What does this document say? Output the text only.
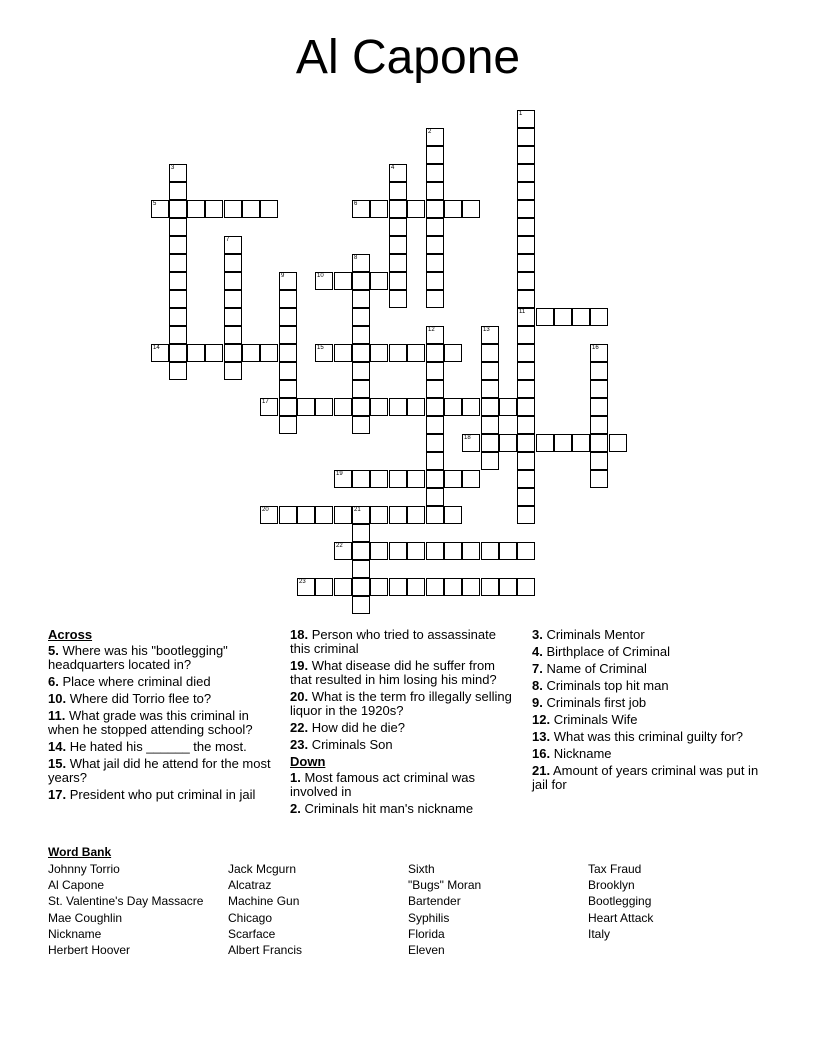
Al Capone
1
11
2
3	4
5	6
7
8
9	10
12	13
14	15	16
17
18
19
20	21
22
23
Across
5. Where was his "bootlegging" headquarters located in?
6. Place where criminal died
10. Where did Torrio flee to?
11. What grade was this criminal in when he stopped attending school?
14. He hated his ______ the most.
15. What jail did he attend for the most years?
17. President who put criminal in jail
18. Person who tried to assassinate this criminal
19. What disease did he suffer from that resulted in him losing his mind?
20. What is the term fro illegally selling liquor in the 1920s?
22. How did he die?
23. Criminals Son
Down
1. Most famous act criminal was involved in
2. Criminals hit man's nickname
3. Criminals Mentor
4. Birthplace of Criminal
7. Name of Criminal
8. Criminals top hit man
9. Criminals first job
12. Criminals Wife
13. What was this criminal guilty for?
16. Nickname
21. Amount of years criminal was put in jail for
Word Bank
Johnny Torrio
Al Capone
St. Valentine's Day Massacre
Mae Coughlin
Nickname
Herbert Hoover
Jack Mcgurn
Alcatraz
Machine Gun
Chicago
Scarface
Albert Francis
Sixth
"Bugs" Moran
Bartender
Syphilis
Florida
Eleven
Tax Fraud
Brooklyn
Bootlegging
Heart Attack
Italy
